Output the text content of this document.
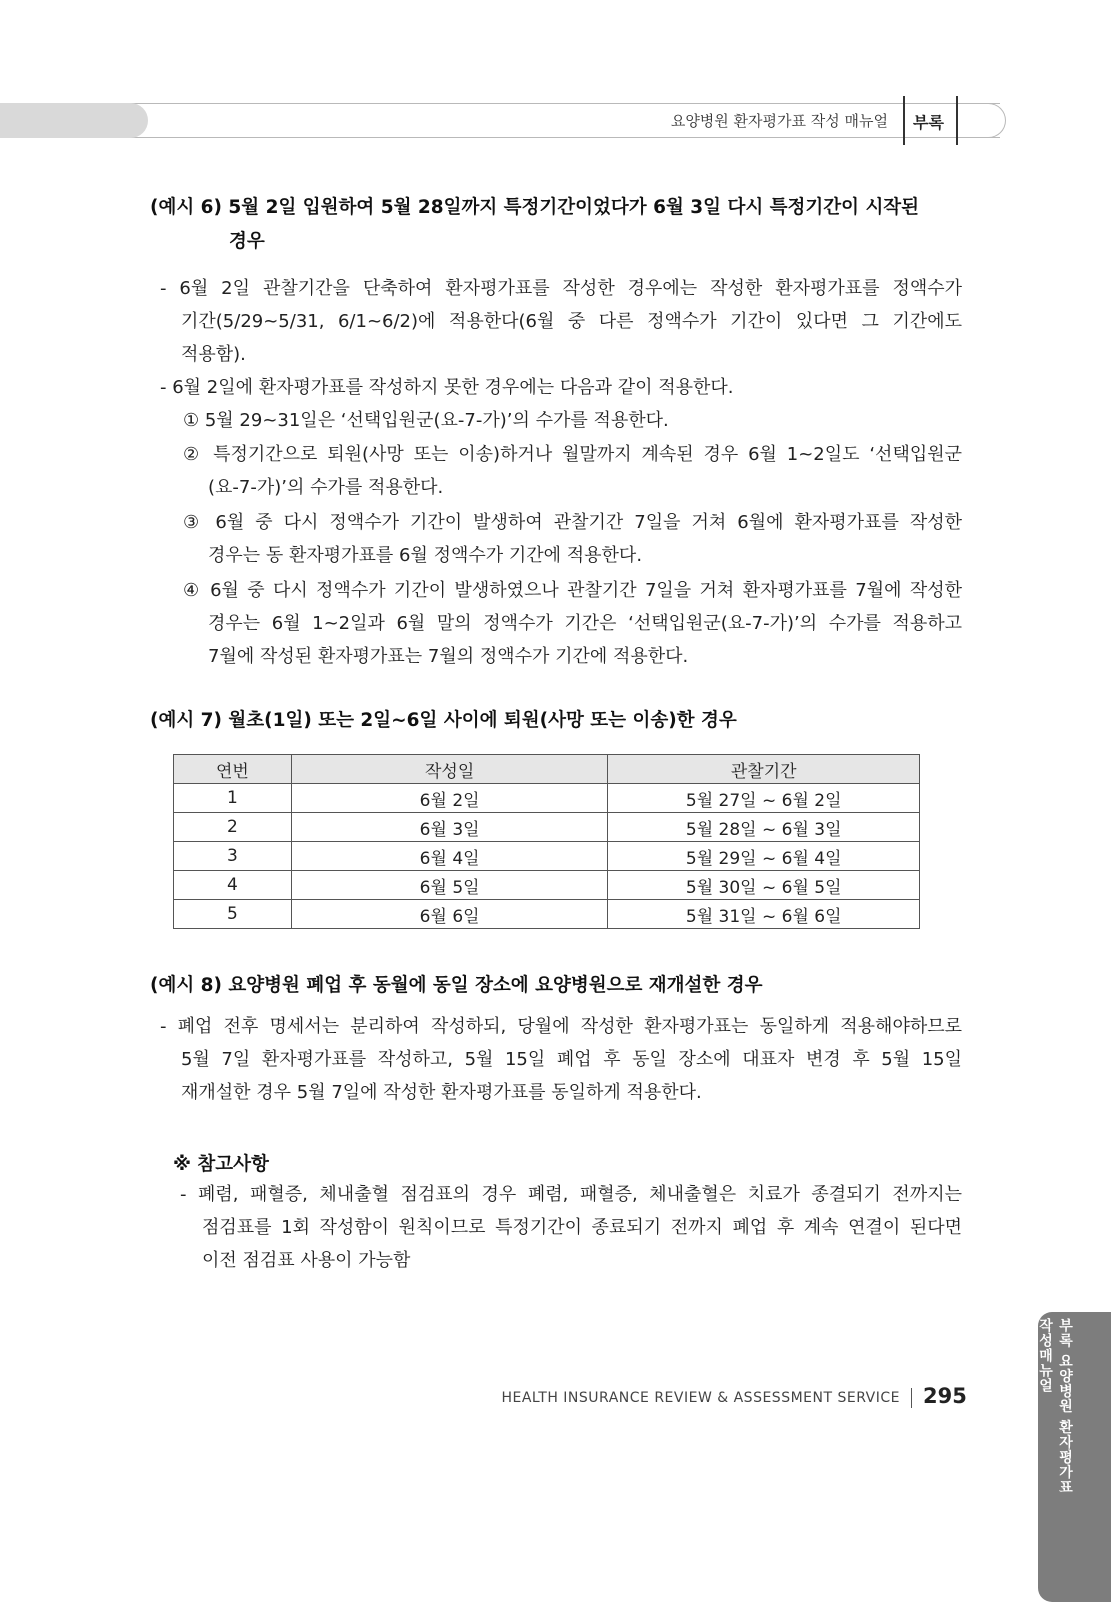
요양병원 환자평가표 작성 매뉴얼 부록
(예시 6) 5월 2일 입원하여 5월 28일까지 특정기간이었다가 6월 3일 다시 특정기간이 시작된
경우
- 6월 2일 관찰기간을 단축하여 환자평가표를 작성한 경우에는 작성한 환자평가표를 정액수가
기간(5/29~5/31, 6/1~6/2)에 적용한다(6월 중 다른 정액수가 기간이 있다면 그 기간에도
적용함).
- 6월 2일에 환자평가표를 작성하지 못한 경우에는 다음과 같이 적용한다.
① 5월 29~31일은 ‘선택입원군(요-7-가)’의 수가를 적용한다.
② 특정기간으로 퇴원(사망 또는 이송)하거나 월말까지 계속된 경우 6월 1~2일도 ‘선택입원군
(요-7-가)’의 수가를 적용한다.
③ 6월 중 다시 정액수가 기간이 발생하여 관찰기간 7일을 거쳐 6월에 환자평가표를 작성한
경우는 동 환자평가표를 6월 정액수가 기간에 적용한다.
④ 6월 중 다시 정액수가 기간이 발생하였으나 관찰기간 7일을 거쳐 환자평가표를 7월에 작성한
경우는 6월 1~2일과 6월 말의 정액수가 기간은 ‘선택입원군(요-7-가)’의 수가를 적용하고
7월에 작성된 환자평가표는 7월의 정액수가 기간에 적용한다.
(예시 7) 월초(1일) 또는 2일~6일 사이에 퇴원(사망 또는 이송)한 경우
연번	작성일	관찰기간
1	6월 2일	5월 27일 ~ 6월 2일
2	6월 3일	5월 28일 ~ 6월 3일
3	6월 4일	5월 29일 ~ 6월 4일
4	6월 5일	5월 30일 ~ 6월 5일
5	6월 6일	5월 31일 ~ 6월 6일
(예시 8) 요양병원 폐업 후 동월에 동일 장소에 요양병원으로 재개설한 경우
- 폐업 전후 명세서는 분리하여 작성하되, 당월에 작성한 환자평가표는 동일하게 적용해야하므로
5월 7일 환자평가표를 작성하고, 5월 15일 폐업 후 동일 장소에 대표자 변경 후 5월 15일
재개설한 경우 5월 7일에 작성한 환자평가표를 동일하게 적용한다.
※ 참고사항
- 폐렴, 패혈증, 체내출혈 점검표의 경우 폐렴, 패혈증, 체내출혈은 치료가 종결되기 전까지는
점검표를 1회 작성함이 원칙이므로 특정기간이 종료되기 전까지 폐업 후 계속 연결이 된다면
이전 점검표 사용이 가능함
부록 요양병원 환자평가표 작성매뉴얼
HEALTH INSURANCE REVIEW & ASSESSMENT SERVICE 295
